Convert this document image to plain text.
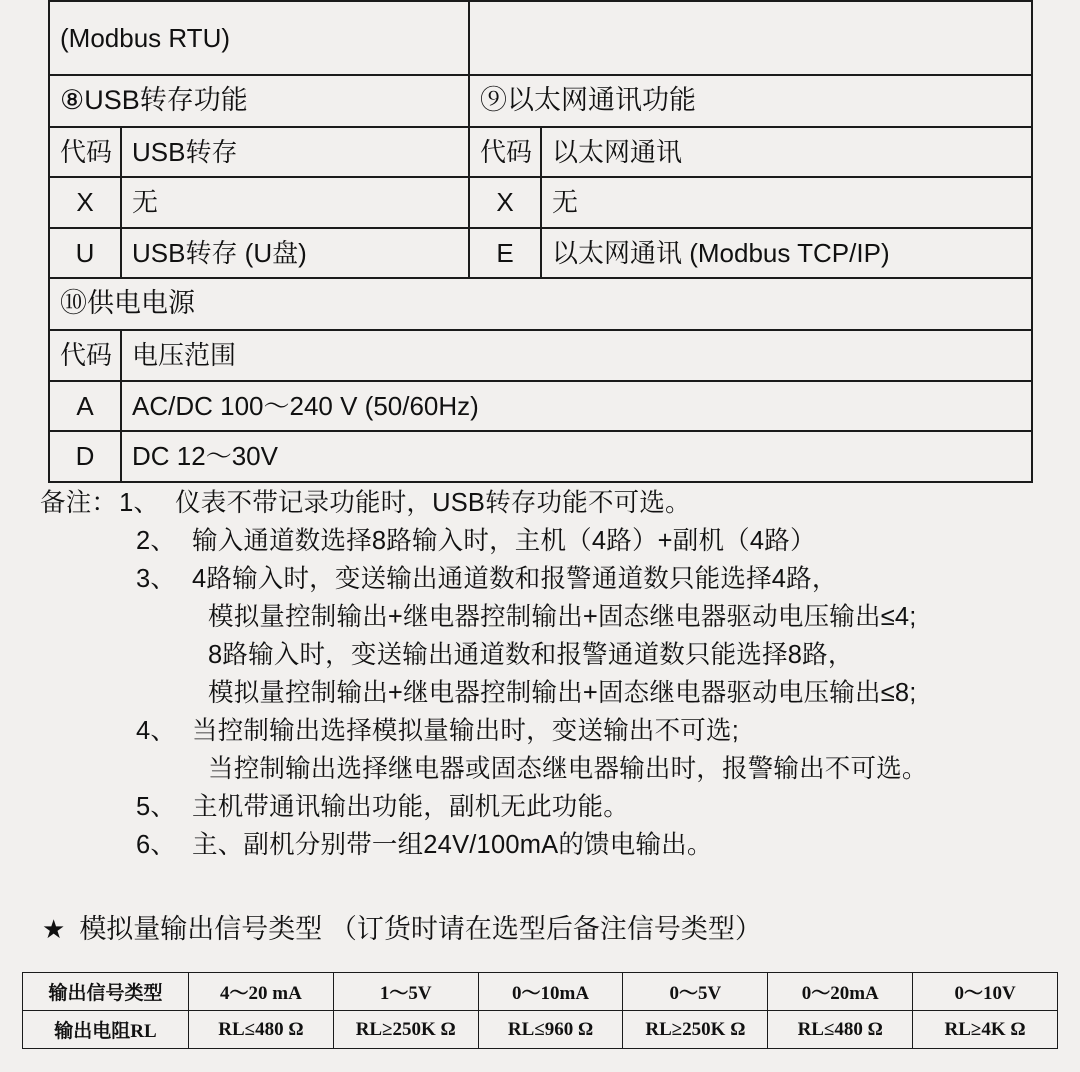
(Modbus RTU)			
⑧USB转存功能		⑨以太网通讯功能	
代码	USB转存	代码	以太网通讯
X	无	X	无
U	USB转存 (U盘)	E	以太网通讯 (Modbus TCP/IP)
⑩供电电源			
代码	电压范围		
A	AC/DC 100～240 V (50/60Hz)		
D	DC 12～30V		
备注： 1、 仪表不带记录功能时，USB转存功能不可选。
2、 输入通道数选择8路输入时，主机（4路）+副机（4路）
3、 4路输入时，变送输出通道数和报警通道数只能选择4路，
模拟量控制输出+继电器控制输出+固态继电器驱动电压输出≤4;
8路输入时，变送输出通道数和报警通道数只能选择8路，
模拟量控制输出+继电器控制输出+固态继电器驱动电压输出≤8;
4、 当控制输出选择模拟量输出时，变送输出不可选;
当控制输出选择继电器或固态继电器输出时，报警输出不可选。
5、 主机带通讯输出功能，副机无此功能。
6、 主、副机分别带一组24V/100mA的馈电输出。
★ 模拟量输出信号类型 （订货时请在选型后备注信号类型）
输出信号类型	4～20 mA	1～5V	0～10mA	0～5V	0～20mA	0～10V
输出电阻RL	RL≤480 Ω	RL≥250K Ω	RL≤960 Ω	RL≥250K Ω	RL≤480 Ω	RL≥4K Ω
